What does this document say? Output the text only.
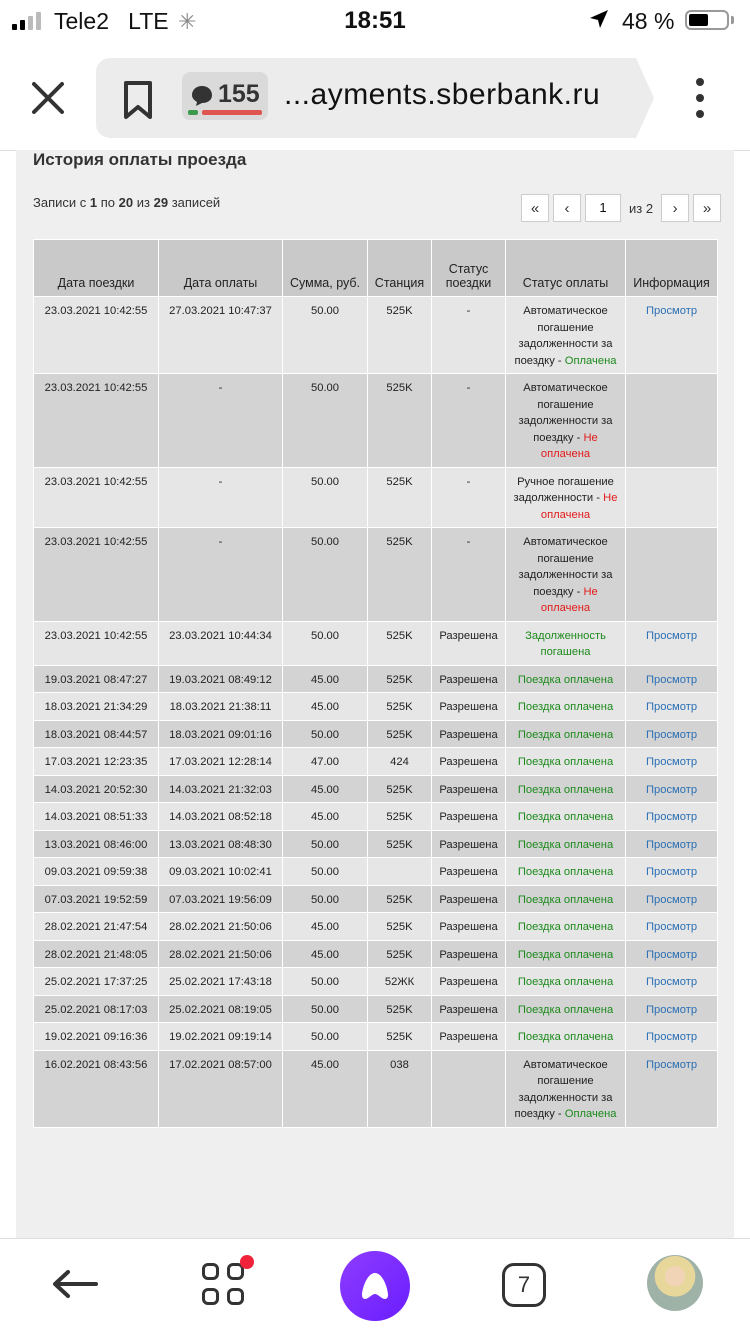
Tele2 LTE ✳	18:51	48 %
155 ...ayments.sberbank.ru
История оплаты проезда
Записи с 1 по 20 из 29 записей	«	‹	1	из 2	›	»
Дата поездки	Дата оплаты	Сумма, руб.	Станция	Статус поездки	Статус оплаты	Информация
23.03.2021 10:42:55	27.03.2021 10:47:37	50.00	525K	-	Автоматическое погашение задолженности за поездку - Оплачена	Просмотр
23.03.2021 10:42:55	-	50.00	525K	-	Автоматическое погашение задолженности за поездку - Не оплачена	
23.03.2021 10:42:55	-	50.00	525K	-	Ручное погашение задолженности - Не оплачена	
23.03.2021 10:42:55	-	50.00	525K	-	Автоматическое погашение задолженности за поездку - Не оплачена	
23.03.2021 10:42:55	23.03.2021 10:44:34	50.00	525K	Разрешена	Задолженность погашена	Просмотр
19.03.2021 08:47:27	19.03.2021 08:49:12	45.00	525K	Разрешена	Поездка оплачена	Просмотр
18.03.2021 21:34:29	18.03.2021 21:38:11	45.00	525K	Разрешена	Поездка оплачена	Просмотр
18.03.2021 08:44:57	18.03.2021 09:01:16	50.00	525K	Разрешена	Поездка оплачена	Просмотр
17.03.2021 12:23:35	17.03.2021 12:28:14	47.00	424	Разрешена	Поездка оплачена	Просмотр
14.03.2021 20:52:30	14.03.2021 21:32:03	45.00	525K	Разрешена	Поездка оплачена	Просмотр
14.03.2021 08:51:33	14.03.2021 08:52:18	45.00	525K	Разрешена	Поездка оплачена	Просмотр
13.03.2021 08:46:00	13.03.2021 08:48:30	50.00	525K	Разрешена	Поездка оплачена	Просмотр
09.03.2021 09:59:38	09.03.2021 10:02:41	50.00		Разрешена	Поездка оплачена	Просмотр
07.03.2021 19:52:59	07.03.2021 19:56:09	50.00	525K	Разрешена	Поездка оплачена	Просмотр
28.02.2021 21:47:54	28.02.2021 21:50:06	45.00	525K	Разрешена	Поездка оплачена	Просмотр
28.02.2021 21:48:05	28.02.2021 21:50:06	45.00	525K	Разрешена	Поездка оплачена	Просмотр
25.02.2021 17:37:25	25.02.2021 17:43:18	50.00	52ЖК	Разрешена	Поездка оплачена	Просмотр
25.02.2021 08:17:03	25.02.2021 08:19:05	50.00	525K	Разрешена	Поездка оплачена	Просмотр
19.02.2021 09:16:36	19.02.2021 09:19:14	50.00	525K	Разрешена	Поездка оплачена	Просмотр
16.02.2021 08:43:56	17.02.2021 08:57:00	45.00	038		Автоматическое погашение задолженности за поездку - Оплачена	Просмотр
7
